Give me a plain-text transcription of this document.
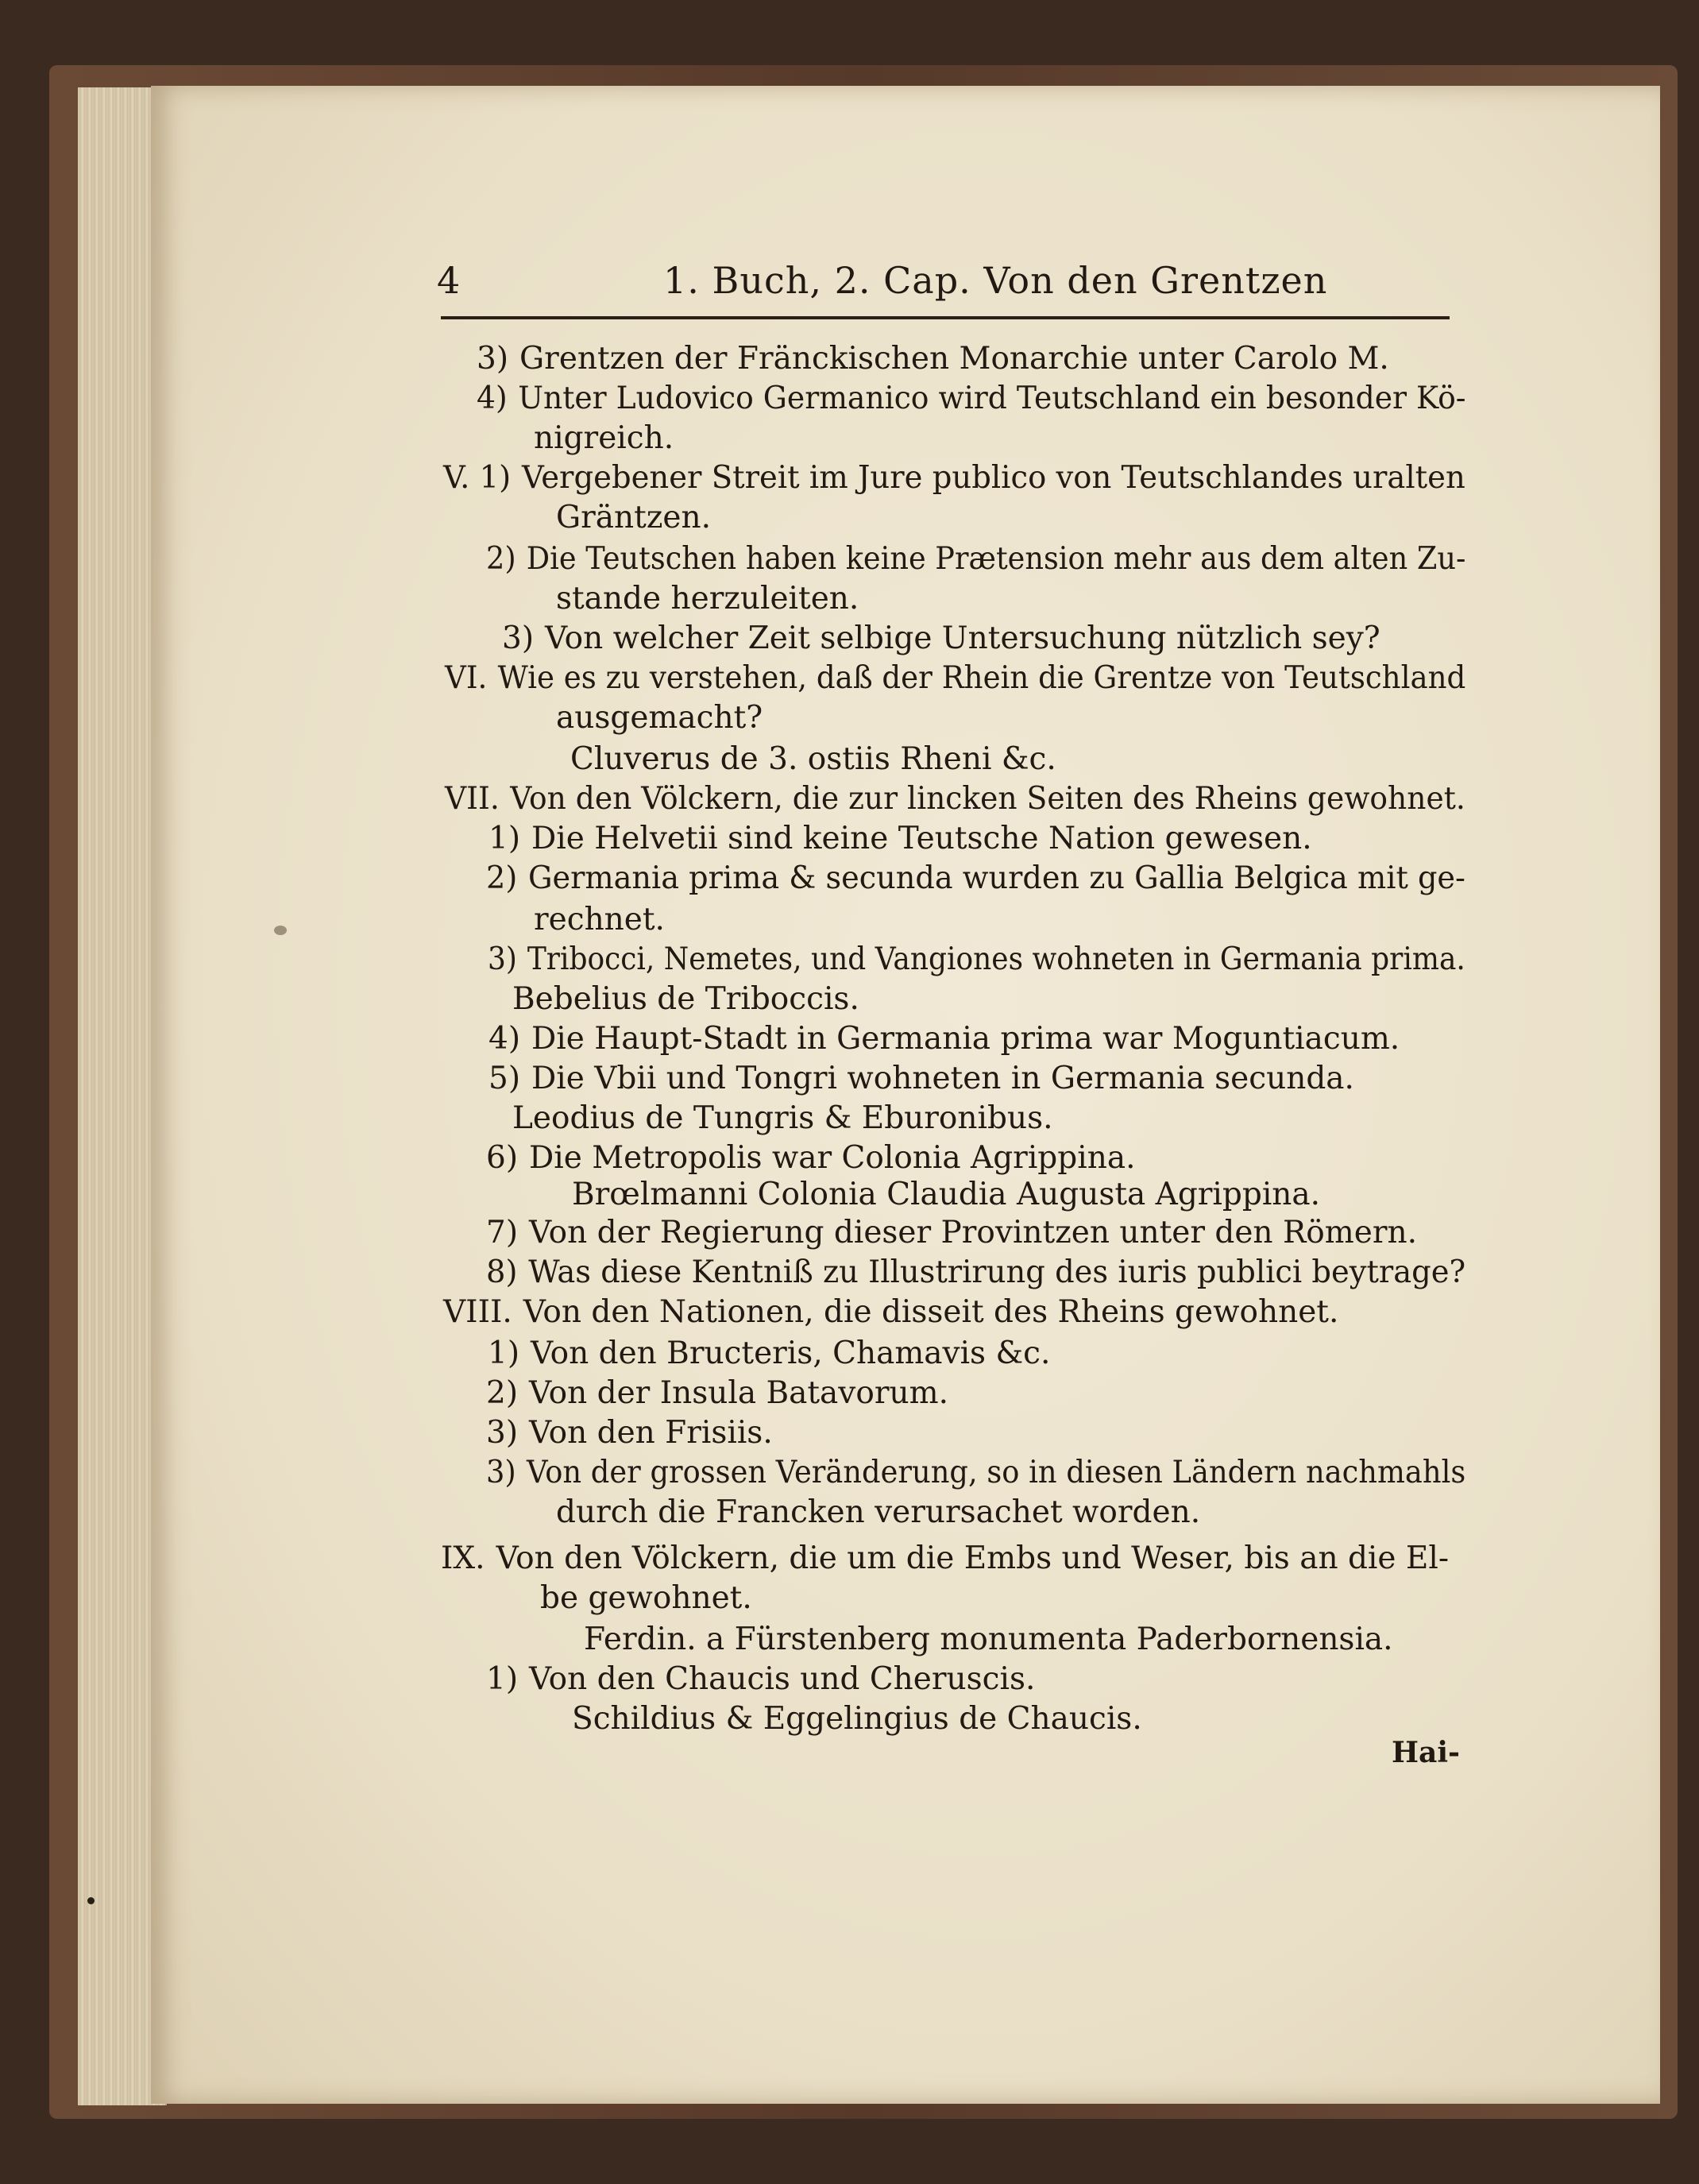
4	1. Buch, 2. Cap. Von den Grentzen
3) Grentzen der Fränckischen Monarchie unter Carolo M.
4) Unter Ludovico Germanico wird Teutschland ein besonder Kö-
nigreich.
V. 1) Vergebener Streit im Jure publico von Teutschlandes uralten
Gräntzen.
2) Die Teutschen haben keine Prætension mehr aus dem alten Zu-
stande herzuleiten.
3) Von welcher Zeit selbige Untersuchung nützlich sey?
VI. Wie es zu verstehen, daß der Rhein die Grentze von Teutschland
ausgemacht?
Cluverus de 3. ostiis Rheni &c.
VII. Von den Völckern, die zur lincken Seiten des Rheins gewohnet.
1) Die Helvetii sind keine Teutsche Nation gewesen.
2) Germania prima & secunda wurden zu Gallia Belgica mit ge-
rechnet.
3) Tribocci, Nemetes, und Vangiones wohneten in Germania prima.
Bebelius de Triboccis.
4) Die Haupt-Stadt in Germania prima war Moguntiacum.
5) Die Vbii und Tongri wohneten in Germania secunda.
Leodius de Tungris & Eburonibus.
6) Die Metropolis war Colonia Agrippina.
Brœlmanni Colonia Claudia Augusta Agrippina.
7) Von der Regierung dieser Provintzen unter den Römern.
8) Was diese Kentniß zu Illustrirung des iuris publici beytrage?
VIII. Von den Nationen, die disseit des Rheins gewohnet.
1) Von den Bructeris, Chamavis &c.
2) Von der Insula Batavorum.
3) Von den Frisiis.
3) Von der grossen Veränderung, so in diesen Ländern nachmahls
durch die Francken verursachet worden.
IX. Von den Völckern, die um die Embs und Weser, bis an die El-
be gewohnet.
Ferdin. a Fürstenberg monumenta Paderbornensia.
1) Von den Chaucis und Cheruscis.
Schildius & Eggelingius de Chaucis.
Hai-
